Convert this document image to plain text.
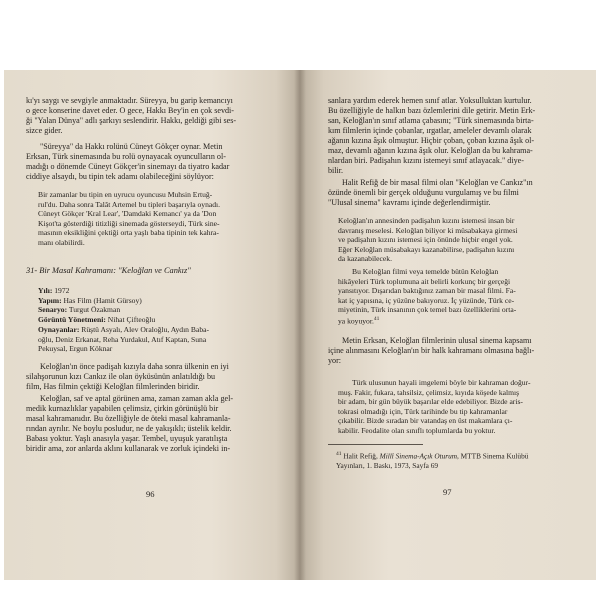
kı'yı saygı ve sevgiyle anmaktadır. Süreyya, bu garip kemancıyı

o gece konserine davet eder. O gece, Hakkı Bey'in en çok sevdi-

ği "Yalan Dünya" adlı şarkıyı seslendirir. Hakkı, geldiği gibi ses-

sizce gider.

"Süreyya" da Hakkı rolünü Cüneyt Gökçer oynar. Metin

Erksan, Türk sinemasında bu rolü oynayacak oyunculların ol-

madığı o dönemde Cüneyt Gökçer'in sinemayı da tiyatro kadar

ciddiye alsaydı, bu tipin tek adamı olabileceğini söylüyor:

Bir zamanlar bu tipin en uyrucu oyuncusu Muhsin Ertuğ-

rul'du. Daha sonra Talât Artemel bu tipleri başarıyla oynadı.

Cüneyt Gökçer 'Kral Lear', 'Damdaki Kemancı' ya da 'Don

Kişot'ta gösterdiği titizliği sinemada gösterseydi, Türk sine-

masının eksikliğini çektiği orta yaşlı baba tipinin tek kahra-

manı olabilirdi.

31- Bir Masal Kahramanı: "Keloğlan ve Cankız"

Yılı: 1972

Yapım: Has Film (Hamit Gürsoy)

Senaryo: Turgut Özakman

Görüntü Yönetmeni: Nihat Çifteoğlu

Oynayanlar: Rüştü Asyalı, Alev Oraloğlu, Aydın Baba-

oğlu, Deniz Erkanat, Reha Yurdakul, Atıf Kaptan, Suna

Pekuysal, Ergun Köknar

Keloğlan'ın önce padişah kızıyla daha sonra ülkenin en iyi

silahşorunun kızı Cankız ile olan öyküsünün anlatıldığı bu

film, Has filmin çektiği Keloğlan filmlerinden biridir.

Keloğlan, saf ve aptal görünen ama, zaman zaman akla gel-

medik kurnazlıklar yapabilen çelimsiz, çirkin görünüşlü bir

masal kahramanıdır. Bu özelliğiyle de öteki masal kahramanla-

rından ayrılır. Ne boylu posludur, ne de yakışıklı; üstelik keldir.

Babası yoktur. Yaşlı anasıyla yaşar. Tembel, uyuşuk yaratılışta

biridir ama, zor anlarda aklını kullanarak ve zorluk içindeki in-

96

sanlara yardım ederek hemen sınıf atlar. Yoksulluktan kurtulur.

Bu özelliğiyle de halkın bazı özlemlerini dile getirir. Metin Erk-

san, Keloğlan'ın sınıf atlama çabasını; "Türk sinemasında birta-

kım filmlerin içinde çobanlar, ırgatlar, ameleler devamlı olarak

ağanın kızına âşık olmuştur. Hiçbir çoban, çoban kızına âşık ol-

maz, devamlı ağanın kızına âşık olur. Keloğlan da bu kahrama-

nlardan biri. Padişahın kızını istemeyi sınıf atlayacak." diye-

bilir.

Halit Refiğ de bir masal filmi olan "Keloğlan ve Cankız"ın

özünde önemli bir gerçek olduğunu vurgulamış ve bu filmi

"Ulusal sinema" kavramı içinde değerlendirmiştir.

Keloğlan'ın annesinden padişahın kızını istemesi insan bir

davranış meselesi. Keloğlan biliyor ki müsabakaya girmesi

ve padişahın kızını istemesi için önünde hiçbir engel yok.

Eğer Keloğlan müsabakayı kazanabilirse, padişahın kızını

da kazanabilecek.

Bu Keloğlan filmi veya temelde bütün Keloğlan

hikâyeleri Türk toplumuna ait belirli korkunç bir gerçeği

yansıtıyor. Dışarıdan baktığınız zaman bir masal filmi. Fa-

kat iç yapısına, iç yüzüne bakıyoruz. İç yüzünde, Türk ce-

miyetinin, Türk insanının çok temel bazı özelliklerini orta-

ya koyuyor.$^{41}$

Metin Erksan, Keloğlan filmlerinin ulusal sinema kapsamı

içine alınmasını Keloğlan'ın bir halk kahramanı olmasına bağlı-

yor:

Türk ulusunun hayali imgelemi böyle bir kahraman doğur-

muş. Fakir, fukara, tahsilsiz, çelimsiz, kıyıda köşede kalmış

bir adam, bir gün büyük başarılar elde edebiliyor. Bizde aris-

tokrasi olmadığı için, Türk tarihinde bu tip kahramanlar

çıkabilir. Bizde sıradan bir vatandaş en üst makamlara çı-

kabilir. Feodalite olan sınıflı toplumlarda bu yoktur.

$^{41}$ Halit Refiğ, Millî Sinema-Açık Oturum, MTTB Sinema Kulübü

Yayınları, 1. Baskı, 1973, Sayfa 69

97
